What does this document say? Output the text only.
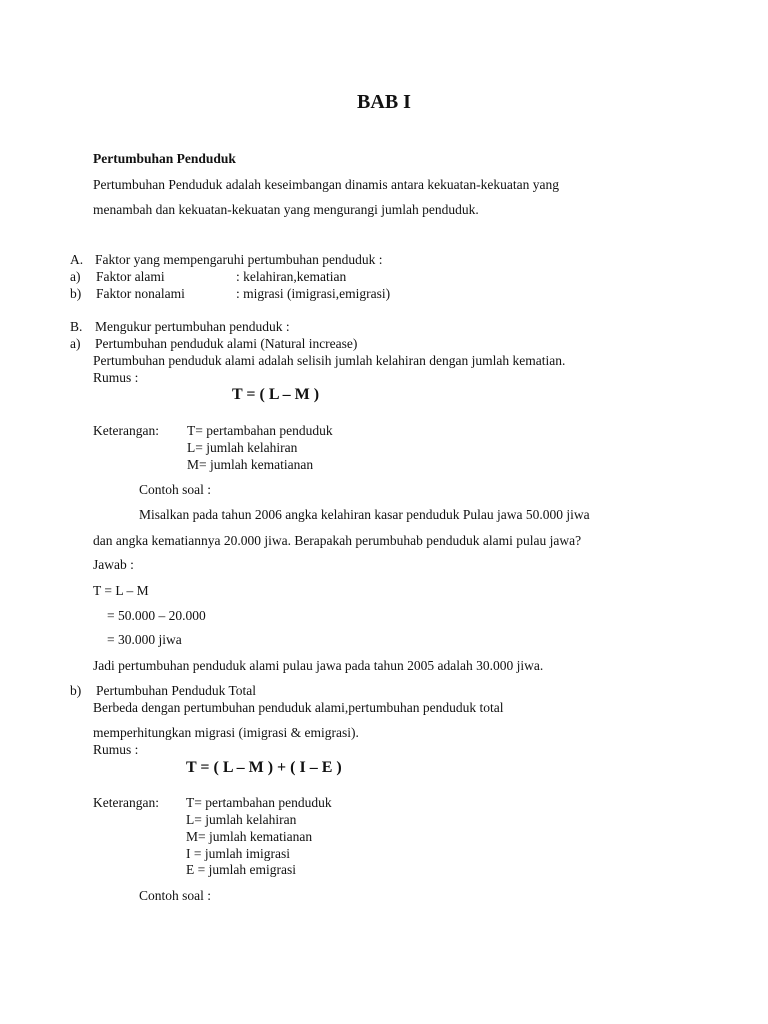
BAB I
Pertumbuhan Penduduk
Pertumbuhan Penduduk adalah keseimbangan dinamis antara kekuatan-kekuatan yang
menambah dan kekuatan-kekuatan yang mengurangi jumlah penduduk.
A. Faktor yang mempengaruhi pertumbuhan penduduk :
a) Faktor alami	: kelahiran,kematian
b) Faktor nonalami	: migrasi (imigrasi,emigrasi)
B. Mengukur pertumbuhan penduduk :
a) Pertumbuhan penduduk alami (Natural increase)
Pertumbuhan penduduk alami adalah selisih jumlah kelahiran dengan jumlah kematian.
Rumus :
T = ( L – M )
Keterangan: T= pertambahan penduduk
L= jumlah kelahiran
M= jumlah kematianan
Contoh soal :
Misalkan pada tahun 2006 angka kelahiran kasar penduduk Pulau jawa 50.000 jiwa
dan angka kematiannya 20.000 jiwa. Berapakah perumbuhab penduduk alami pulau jawa?
Jawab :
T = L – M
= 50.000 – 20.000
= 30.000 jiwa
Jadi pertumbuhan penduduk alami pulau jawa pada tahun 2005 adalah 30.000 jiwa.
b) Pertumbuhan Penduduk Total
Berbeda dengan pertumbuhan penduduk alami,pertumbuhan penduduk total
memperhitungkan migrasi (imigrasi & emigrasi).
Rumus :
T = ( L – M ) + ( I – E )
Keterangan: T= pertambahan penduduk
L= jumlah kelahiran
M= jumlah kematianan
I = jumlah imigrasi
E = jumlah emigrasi
Contoh soal :
